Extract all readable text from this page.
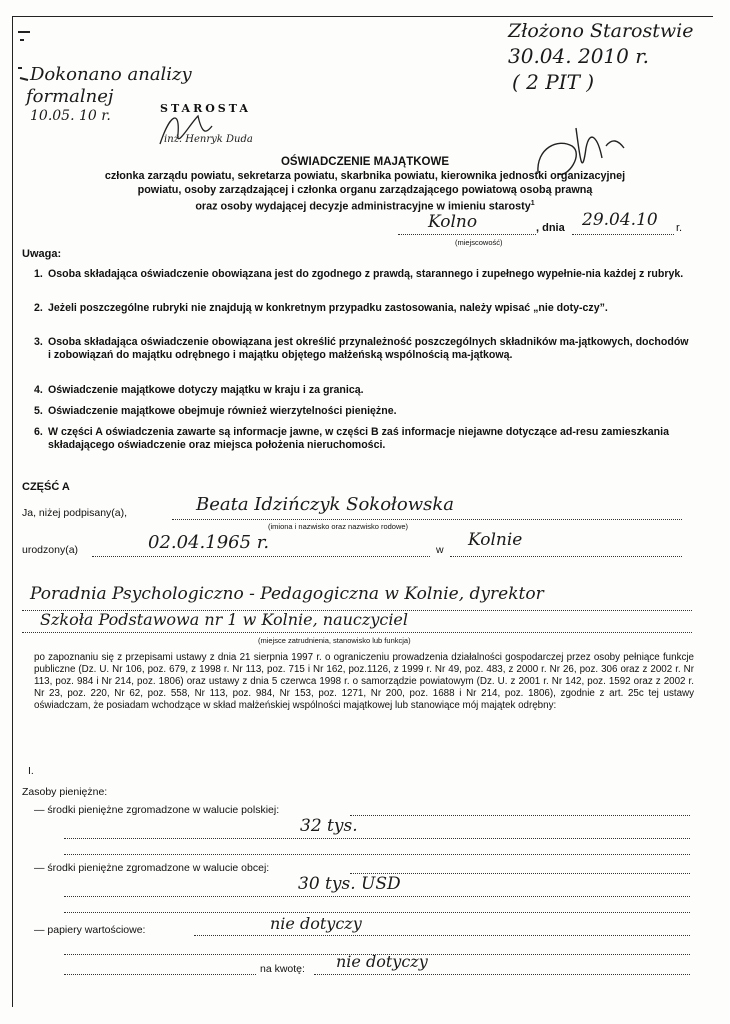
Złożono Starostwie
30.04. 2010 r.
( 2 PIT )
Dokonano analizy
formalnej
10.05. 10 r.	STAROSTA
inż. Henryk Duda
OŚWIADCZENIE MAJĄTKOWE
członka zarządu powiatu, sekretarza powiatu, skarbnika powiatu, kierownika jednostki organizacyjnej
powiatu, osoby zarządzającej i członka organu zarządzającego powiatową osobą prawną
oraz osoby wydającej decyzje administracyjne w imieniu starosty$^1$
Kolno
(miejscowość)
, dnia 29.04.10 r.
Uwaga:
1. Osoba składająca oświadczenie obowiązana jest do zgodnego z prawdą, starannego i zupełnego wypełnie-nia każdej z rubryk.
2. Jeżeli poszczególne rubryki nie znajdują w konkretnym przypadku zastosowania, należy wpisać „nie doty-czy”.
3. Osoba składająca oświadczenie obowiązana jest określić przynależność poszczególnych składników ma-jątkowych, dochodów i zobowiązań do majątku odrębnego i majątku objętego małżeńską wspólnością ma-jątkową.
4. Oświadczenie majątkowe dotyczy majątku w kraju i za granicą.
5. Oświadczenie majątkowe obejmuje również wierzytelności pieniężne.
6. W części A oświadczenia zawarte są informacje jawne, w części B zaś informacje niejawne dotyczące ad-resu zamieszkania składającego oświadczenie oraz miejsca położenia nieruchomości.
CZĘŚĆ A
Ja, niżej podpisany(a),	Beata Idzińczyk Sokołowska
(imiona i nazwisko oraz nazwisko rodowe)
urodzony(a)	02.04.1965 r.	w Kolnie
Poradnia Psychologiczno - Pedagogiczna w Kolnie, dyrektor
Szkoła Podstawowa nr 1 w Kolnie, nauczyciel
(miejsce zatrudnienia, stanowisko lub funkcja)
po zapoznaniu się z przepisami ustawy z dnia 21 sierpnia 1997 r. o ograniczeniu prowadzenia działalności gospodarczej przez osoby pełniące funkcje publiczne (Dz. U. Nr 106, poz. 679, z 1998 r. Nr 113, poz. 715 i Nr 162, poz.1126, z 1999 r. Nr 49, poz. 483, z 2000 r. Nr 26, poz. 306 oraz z 2002 r. Nr 113, poz. 984 i Nr 214, poz. 1806) oraz ustawy z dnia 5 czerwca 1998 r. o samorządzie powiatowym (Dz. U. z 2001 r. Nr 142, poz. 1592 oraz z 2002 r. Nr 23, poz. 220, Nr 62, poz. 558, Nr 113, poz. 984, Nr 153, poz. 1271, Nr 200, poz. 1688 i Nr 214, poz. 1806), zgodnie z art. 25c tej ustawy oświadczam, że posiadam wchodzące w skład małżeńskiej wspólności majątkowej lub stanowiące mój majątek odrębny:
I.
Zasoby pieniężne:
— środki pieniężne zgromadzone w walucie polskiej:
32 tys.
— środki pieniężne zgromadzone w walucie obcej:
30 tys. USD
— papiery wartościowe:	nie dotyczy
na kwotę: nie dotyczy
